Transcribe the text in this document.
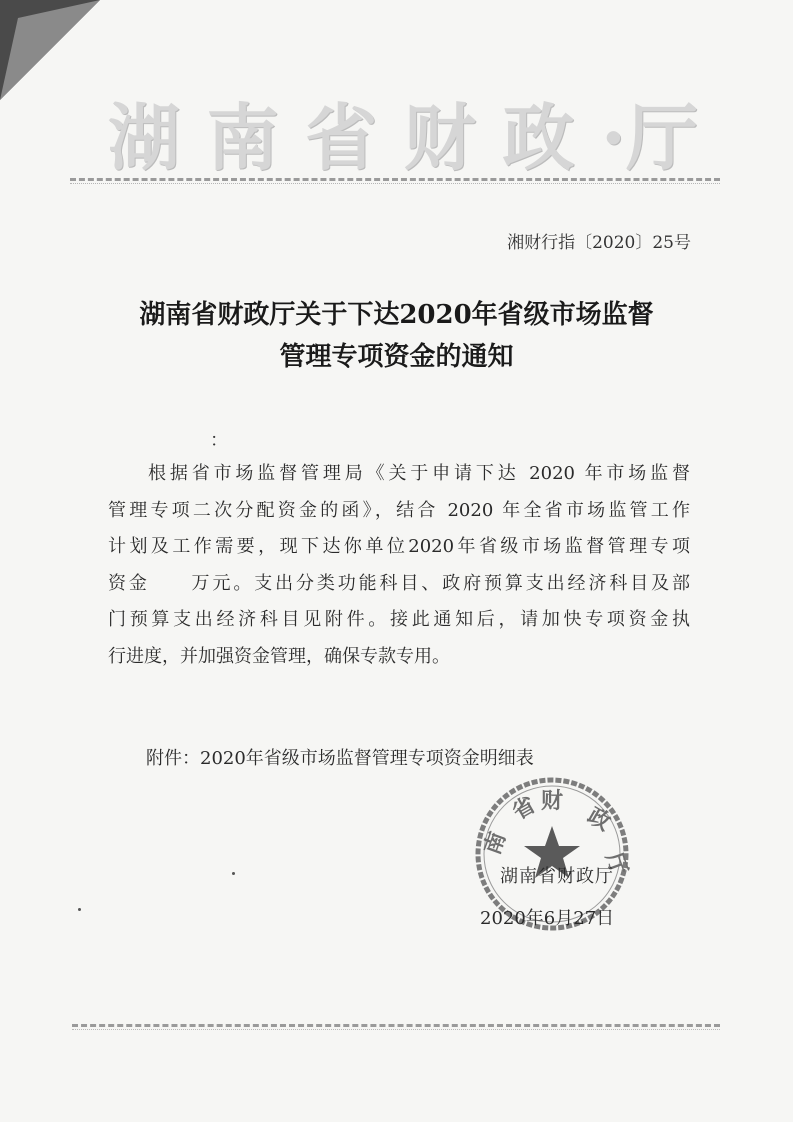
湖 南 省 财 政 ·厅
湘财行指〔2020〕25号
湖南省财政厅关于下达2020年省级市场监督
管理专项资金的通知
：
根据省市场监督管理局《关于申请下达 2020 年市场监督
管理专项二次分配资金的函》，结合 2020 年全省市场监管工作
计划及工作需要，现下达你单位2020年省级市场监督管理专项
资金　　万元。支出分类功能科目、政府预算支出经济科目及部
门预算支出经济科目见附件。接此通知后，请加快专项资金执
行进度，并加强资金管理，确保专款专用。
附件：2020年省级市场监督管理专项资金明细表
省 财
政
南
厅
湖南省财政厅
2020年6月27日
